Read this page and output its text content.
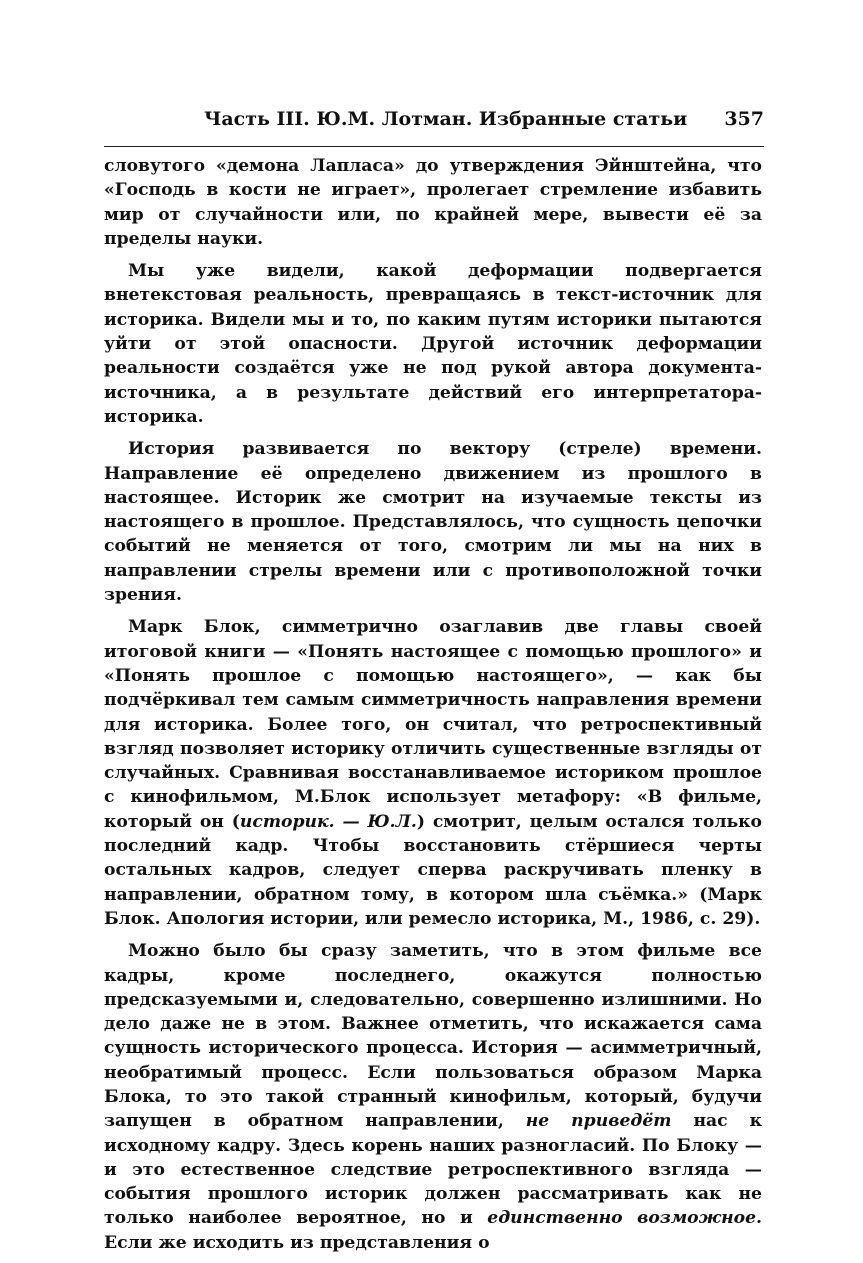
Часть III. Ю.М. Лотман. Избранные статьи 357

словутого «демона Лапласа» до утверждения Эйнштейна, что «Господь в кости не играет», пролегает стремление избавить мир от случайности или, по крайней мере, вывести её за пределы науки.

Мы уже видели, какой деформации подвергается внетекстовая реальность, превращаясь в текст-источник для историка. Видели мы и то, по каким путям историки пытаются уйти от этой опасности. Другой источник деформации реальности создаётся уже не под рукой автора документа-источника, а в результате действий его интерпретатора-историка.

История развивается по вектору (стреле) времени. Направление её определено движением из прошлого в настоящее. Историк же смотрит на изучаемые тексты из настоящего в прошлое. Представлялось, что сущность цепочки событий не меняется от того, смотрим ли мы на них в направлении стрелы времени или с противоположной точки зрения.

Марк Блок, симметрично озаглавив две главы своей итоговой книги — «Понять настоящее с помощью прошлого» и «Понять прошлое с помощью настоящего», — как бы подчёркивал тем самым симметричность направления времени для историка. Более того, он считал, что ретроспективный взгляд позволяет историку отличить существенные взгляды от случайных. Сравнивая восстанавливаемое историком прошлое с кинофильмом, М.Блок использует метафору: «В фильме, который он (историк. — Ю.Л.) смотрит, целым остался только последний кадр. Чтобы восстановить стёршиеся черты остальных кадров, следует сперва раскручивать пленку в направлении, обратном тому, в котором шла съёмка.» (Марк Блок. Апология истории, или ремесло историка, М., 1986, с. 29).

Можно было бы сразу заметить, что в этом фильме все кадры, кроме последнего, окажутся полностью предсказуемыми и, следовательно, совершенно излишними. Но дело даже не в этом. Важнее отметить, что искажается сама сущность исторического процесса. История — асимметричный, необратимый процесс. Если пользоваться образом Марка Блока, то это такой странный кинофильм, который, будучи запущен в обратном направлении, не приведёт нас к исходному кадру. Здесь корень наших разногласий. По Блоку — и это естественное следствие ретроспективного взгляда — события прошлого историк должен рассматривать как не только наиболее вероятное, но и единственно возможное. Если же исходить из представления о
